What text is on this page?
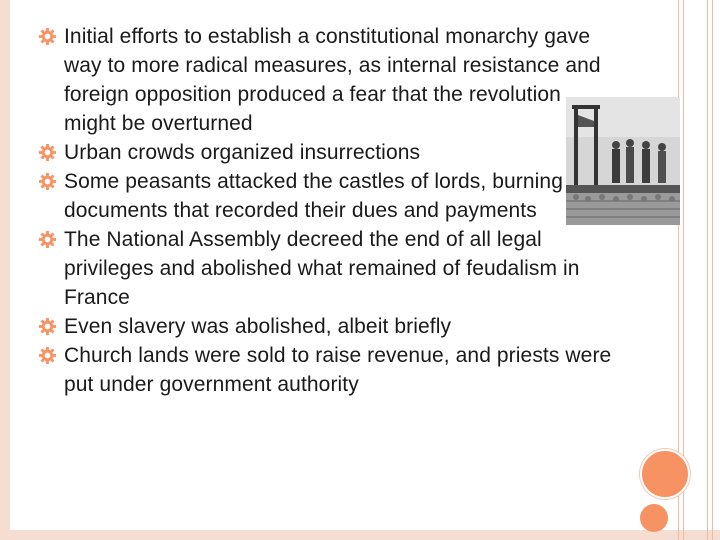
Initial efforts to establish a constitutional monarchy gave way to more radical measures, as internal resistance and foreign opposition produced a fear that the revolution might be overturned
Urban crowds organized insurrections
Some peasants attacked the castles of lords, burning documents that recorded their dues and payments
The National Assembly decreed the end of all legal privileges and abolished what remained of feudalism in France
Even slavery was abolished, albeit briefly
Church lands were sold to raise revenue, and priests were put under government authority
